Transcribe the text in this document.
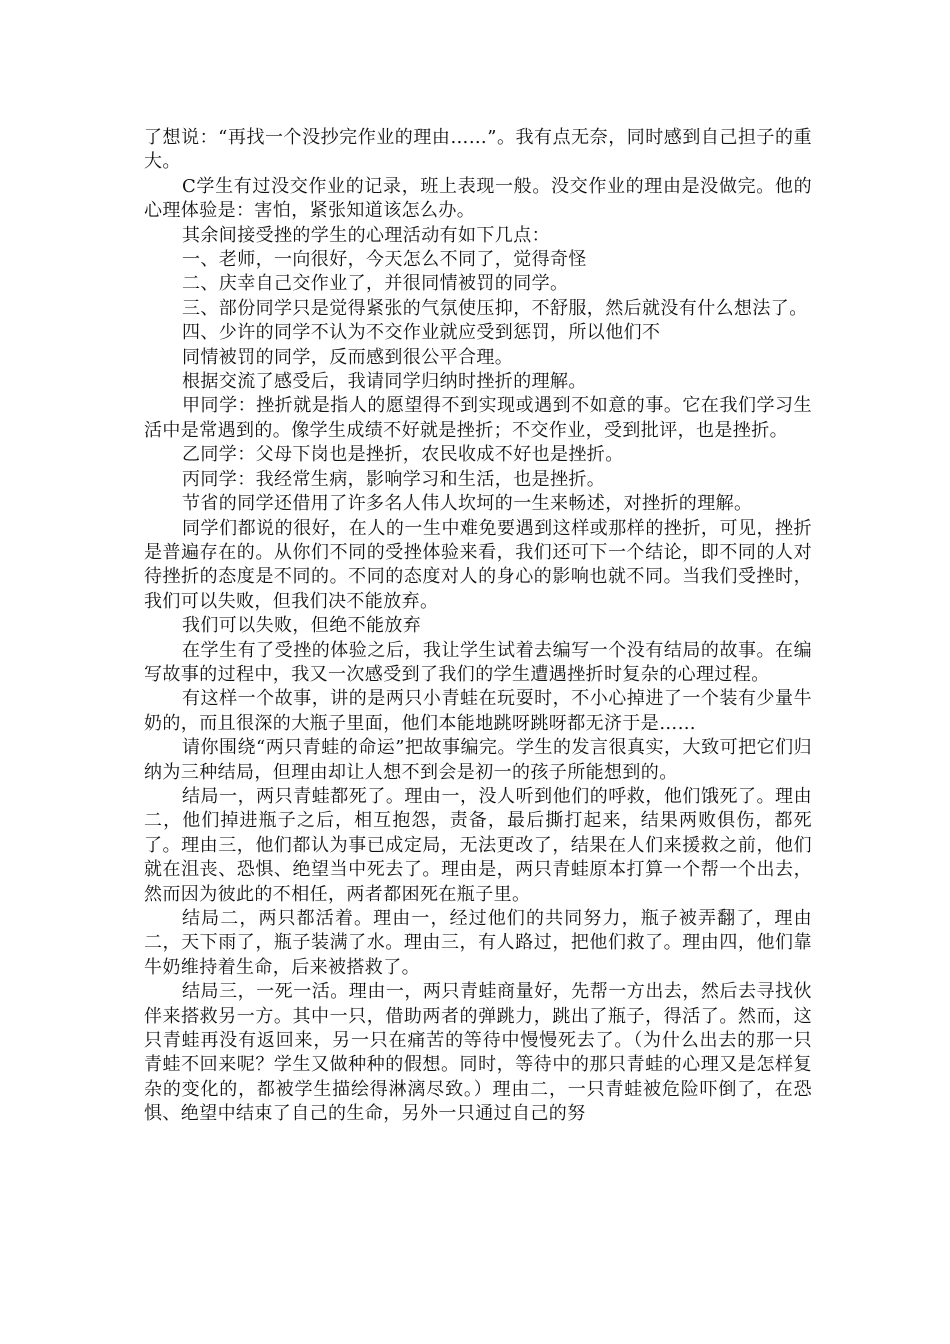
了想说：“再找一个没抄完作业的理由……”。我有点无奈，同时感到自己担子的重大。

C学生有过没交作业的记录，班上表现一般。没交作业的理由是没做完。他的心理体验是：害怕，紧张知道该怎么办。

其余间接受挫的学生的心理活动有如下几点：

一、老师，一向很好，今天怎么不同了，觉得奇怪

二、庆幸自己交作业了，并很同情被罚的同学。

三、部份同学只是觉得紧张的气氛使压抑，不舒服，然后就没有什么想法了。

四、少许的同学不认为不交作业就应受到惩罚，所以他们不

同情被罚的同学，反而感到很公平合理。

根据交流了感受后，我请同学归纳时挫折的理解。

甲同学：挫折就是指人的愿望得不到实现或遇到不如意的事。它在我们学习生活中是常遇到的。像学生成绩不好就是挫折；不交作业，受到批评，也是挫折。

乙同学：父母下岗也是挫折，农民收成不好也是挫折。

丙同学：我经常生病，影响学习和生活，也是挫折。

节省的同学还借用了许多名人伟人坎坷的一生来畅述，对挫折的理解。

同学们都说的很好，在人的一生中难免要遇到这样或那样的挫折，可见，挫折是普遍存在的。从你们不同的受挫体验来看，我们还可下一个结论，即不同的人对待挫折的态度是不同的。不同的态度对人的身心的影响也就不同。当我们受挫时，我们可以失败，但我们决不能放弃。

我们可以失败，但绝不能放弃

在学生有了受挫的体验之后，我让学生试着去编写一个没有结局的故事。在编写故事的过程中，我又一次感受到了我们的学生遭遇挫折时复杂的心理过程。

有这样一个故事，讲的是两只小青蛙在玩耍时，不小心掉进了一个装有少量牛奶的，而且很深的大瓶子里面，他们本能地跳呀跳呀都无济于是……

请你围绕“两只青蛙的命运”把故事编完。学生的发言很真实，大致可把它们归纳为三种结局，但理由却让人想不到会是初一的孩子所能想到的。

结局一，两只青蛙都死了。理由一，没人听到他们的呼救，他们饿死了。理由二，他们掉进瓶子之后，相互抱怨，责备，最后撕打起来，结果两败俱伤，都死了。理由三，他们都认为事已成定局，无法更改了，结果在人们来援救之前，他们就在沮丧、恐惧、绝望当中死去了。理由是，两只青蛙原本打算一个帮一个出去，然而因为彼此的不相任，两者都困死在瓶子里。

结局二，两只都活着。理由一，经过他们的共同努力，瓶子被弄翻了，理由二，天下雨了，瓶子装满了水。理由三，有人路过，把他们救了。理由四，他们靠牛奶维持着生命，后来被搭救了。

结局三，一死一活。理由一，两只青蛙商量好，先帮一方出去，然后去寻找伙伴来搭救另一方。其中一只，借助两者的弹跳力，跳出了瓶子，得活了。然而，这只青蛙再没有返回来，另一只在痛苦的等待中慢慢死去了。（为什么出去的那一只青蛙不回来呢？学生又做种种的假想。同时，等待中的那只青蛙的心理又是怎样复杂的变化的，都被学生描绘得淋漓尽致。）理由二，一只青蛙被危险吓倒了，在恐惧、绝望中结束了自己的生命，另外一只通过自己的努
